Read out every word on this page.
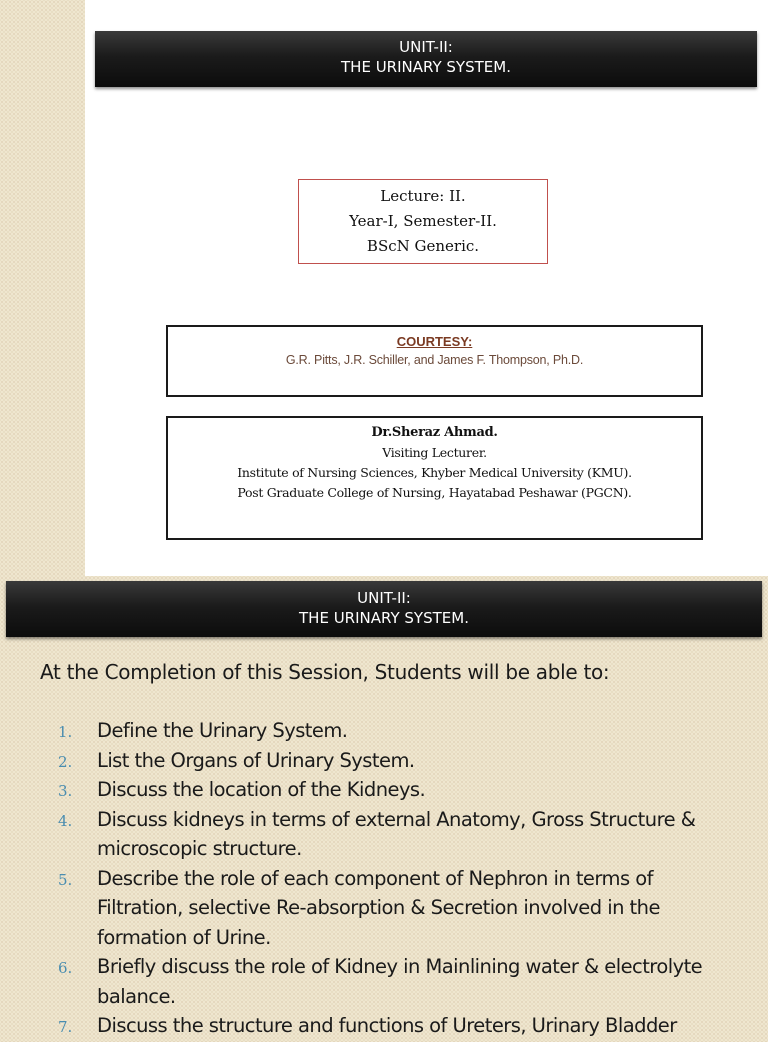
UNIT-II:
THE URINARY SYSTEM.
Lecture: II.
Year-I, Semester-II.
BScN Generic.
COURTESY:
G.R. Pitts, J.R. Schiller, and James F. Thompson, Ph.D.
Dr.Sheraz Ahmad.
Visiting Lecturer.
Institute of Nursing Sciences, Khyber Medical University (KMU).
Post Graduate College of Nursing, Hayatabad Peshawar (PGCN).
UNIT-II:
THE URINARY SYSTEM.
At the Completion of this Session, Students will be able to:
1. Define the Urinary System.
2. List the Organs of Urinary System.
3. Discuss the location of the Kidneys.
4. Discuss kidneys in terms of external Anatomy, Gross Structure & microscopic structure.
5. Describe the role of each component of Nephron in terms of Filtration, selective Re-absorption & Secretion involved in the formation of Urine.
6. Briefly discuss the role of Kidney in Mainlining water & electrolyte balance.
7. Discuss the structure and functions of Ureters, Urinary Bladder
